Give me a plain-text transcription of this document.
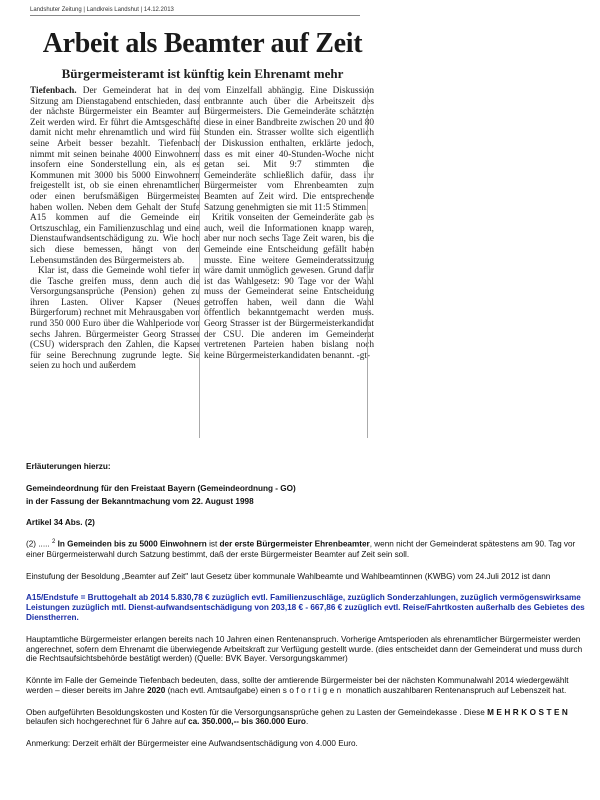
Landshuter Zeitung | Landkreis Landshut | 14.12.2013
Arbeit als Beamter auf Zeit
Bürgermeisteramt ist künftig kein Ehrenamt mehr

Tiefenbach. Der Gemeinderat hat in der Sitzung am Dienstagabend entschieden, dass der nächste Bürgermeister ein Beamter auf Zeit werden wird. Er führt die Amtsgeschäfte damit nicht mehr ehrenamtlich und wird für seine Arbeit besser bezahlt. Tiefenbach nimmt mit seinen beinahe 4000 Einwohnern insofern eine Sonderstellung ein, als es Kommunen mit 3000 bis 5000 Einwohnern freigestellt ist, ob sie einen ehrenamtlichen oder einen berufsmäßigen Bürgermeister haben wollen. Neben dem Gehalt der Stufe A15 kommen auf die Gemeinde ein Ortszuschlag, ein Familienzuschlag und eine Dienstaufwandsentschädigung zu. Wie hoch sich diese bemessen, hängt von den Lebensumständen des Bürgermeisters ab.

Klar ist, dass die Gemeinde wohl tiefer in die Tasche greifen muss, denn auch die Versorgungsansprüche (Pension) gehen zu ihren Lasten. Oliver Kapser (Neues Bürgerforum) rechnet mit Mehrausgaben von rund 350 000 Euro über die Wahlperiode von sechs Jahren. Bürgermeister Georg Strasser (CSU) widersprach den Zahlen, die Kapser für seine Berechnung zugrunde legte. Sie seien zu hoch und außerdem

vom Einzelfall abhängig. Eine Diskussion entbrannte auch über die Arbeitszeit des Bürgermeisters. Die Gemeinderäte schätzten diese in einer Bandbreite zwischen 20 und 80 Stunden ein. Strasser wollte sich eigentlich der Diskussion enthalten, erklärte jedoch, dass es mit einer 40-Stunden-Woche nicht getan sei. Mit 9:7 stimmten die Gemeinderäte schließlich dafür, dass ihr Bürgermeister vom Ehrenbeamten zum Beamten auf Zeit wird. Die entsprechende Satzung genehmigten sie mit 11:5 Stimmen.

Kritik vonseiten der Gemeinderäte gab es auch, weil die Informationen knapp waren, aber nur noch sechs Tage Zeit waren, bis die Gemeinde eine Entscheidung gefällt haben musste. Eine weitere Gemeinderatssitzung wäre damit unmöglich gewesen. Grund dafür ist das Wahlgesetz: 90 Tage vor der Wahl muss der Gemeinderat seine Entscheidung getroffen haben, weil dann die Wahl öffentlich bekanntgemacht werden muss. Georg Strasser ist der Bürgermeisterkandidat der CSU. Die anderen im Gemeinderat vertretenen Parteien haben bislang noch keine Bürgermeisterkandidaten benannt. -gt-

Erläuterungen hierzu:

Gemeindeordnung für den Freistaat Bayern (Gemeindeordnung - GO)

in der Fassung der Bekanntmachung vom 22. August 1998

Artikel 34 Abs. (2)

(2) ..... $^2$ In Gemeinden bis zu 5000 Einwohnern ist der erste Bürgermeister Ehrenbeamter, wenn nicht der Gemeinderat spätestens am 90. Tag vor einer Bürgermeisterwahl durch Satzung bestimmt, daß der erste Bürgermeister Beamter auf Zeit sein soll.

Einstufung der Besoldung „Beamter auf Zeit" laut Gesetz über kommunale Wahlbeamte und Wahlbeamtinnen (KWBG) vom 24.Juli 2012 ist dann

A15/Endstufe = Bruttogehalt ab 2014 5.830,78 € zuzüglich evtl. Familienzuschläge, zuzüglich Sonderzahlungen, zuzüglich vermögenswirksame Leistungen zuzüglich mtl. Dienst-aufwandsentschädigung von 203,18 € - 667,86 € zuzüglich evtl. Reise/Fahrtkosten außerhalb des Gebietes des Dienstherren.

Hauptamtliche Bürgermeister erlangen bereits nach 10 Jahren einen Rentenanspruch. Vorherige Amtsperioden als ehrenamtlicher Bürgermeister werden angerechnet, sofern dem Ehrenamt die überwiegende Arbeitskraft zur Verfügung gestellt wurde. (dies entscheidet dann der Gemeinderat und muss durch die Rechtsaufsichtsbehörde bestätigt werden) (Quelle: BVK Bayer. Versorgungskammer)

Könnte im Falle der Gemeinde Tiefenbach bedeuten, dass, sollte der amtierende Bürgermeister bei der nächsten Kommunalwahl 2014 wiedergewählt werden – dieser bereits im Jahre 2020 (nach evtl. Amtsaufgabe) einen sofortigen monatlich auszahlbaren Rentenanspruch auf Lebenszeit hat.

Oben aufgeführten Besoldungskosten und Kosten für die Versorgungsansprüche gehen zu Lasten der Gemeindekasse . Diese MEHRKOSTEN belaufen sich hochgerechnet für 6 Jahre auf ca. 350.000,-- bis 360.000 Euro.

Anmerkung: Derzeit erhält der Bürgermeister eine Aufwandsentschädigung von 4.000 Euro.
